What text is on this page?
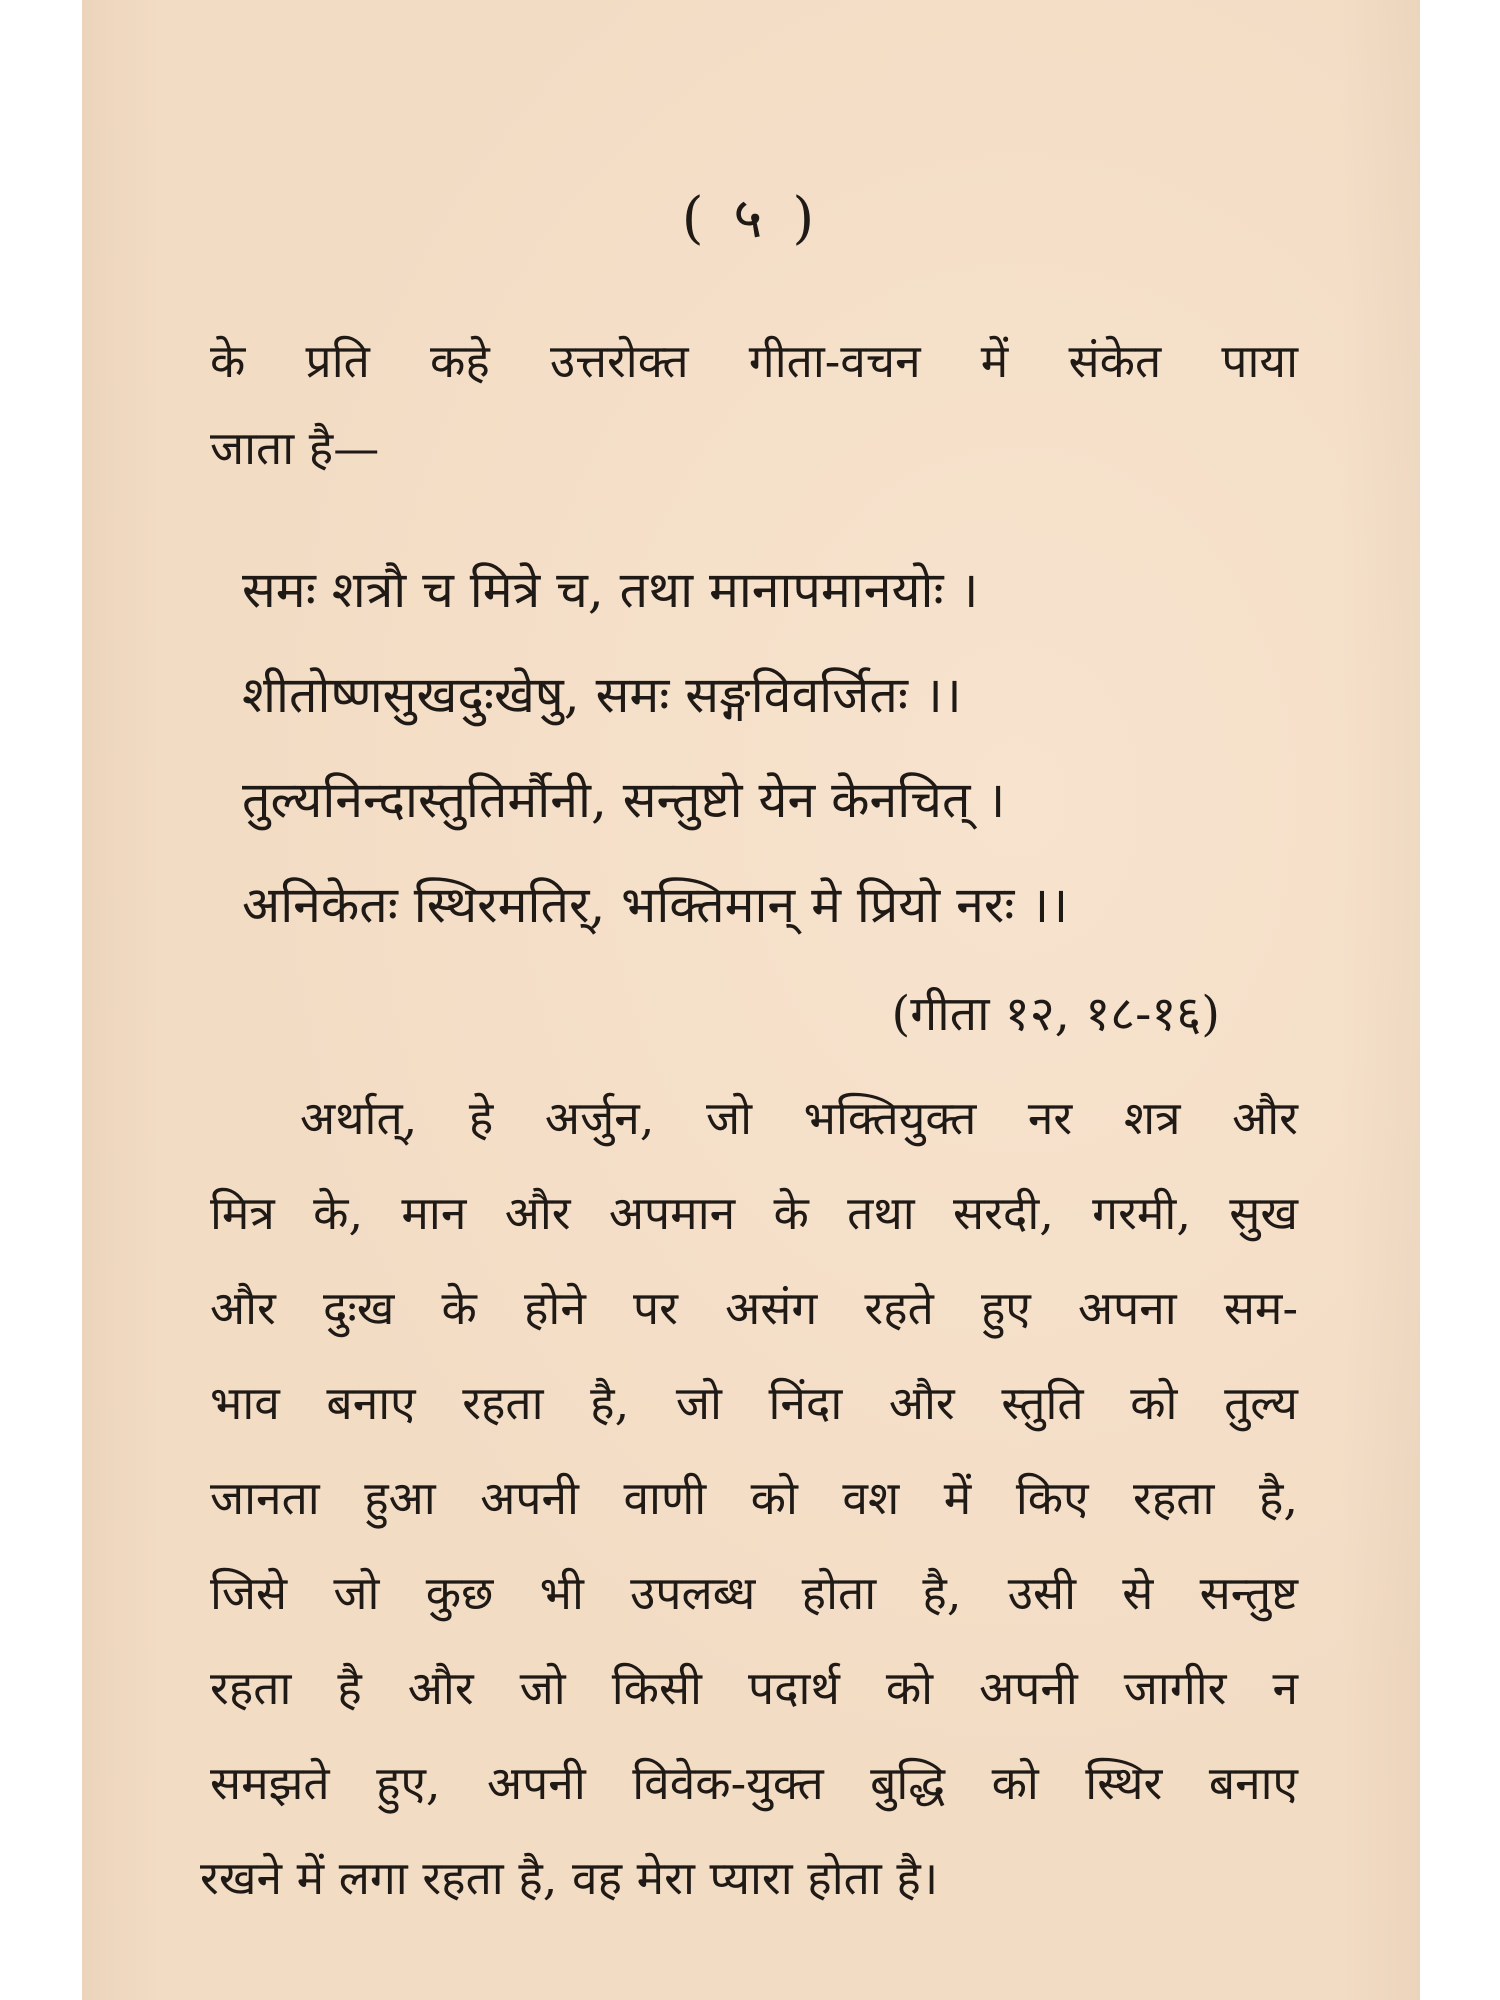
( ५ )
के प्रति कहे उत्तरोक्त गीता-वचन में संकेत पाया
जाता है—
समः शत्रौ च मित्रे च, तथा मानापमानयोः ।
शीतोष्णसुखदुःखेषु, समः सङ्गविवर्जितः ।।
तुल्यनिन्दास्तुतिर्मौनी, सन्तुष्टो येन केनचित् ।
अनिकेतः स्थिरमतिर्, भक्तिमान् मे प्रियो नरः ।।
(गीता १२, १८-१६)
अर्थात्, हे अर्जुन, जो भक्तियुक्त नर शत्र और
मित्र के, मान और अपमान के तथा सरदी, गरमी, सुख
और दुःख के होने पर असंग रहते हुए अपना सम-
भाव बनाए रहता है, जो निंदा और स्तुति को तुल्य
जानता हुआ अपनी वाणी को वश में किए रहता है,
जिसे जो कुछ भी उपलब्ध होता है, उसी से सन्तुष्ट
रहता है और जो किसी पदार्थ को अपनी जागीर न
समझते हुए, अपनी विवेक-युक्त बुद्धि को स्थिर बनाए
रखने में लगा रहता है, वह मेरा प्यारा होता है।
